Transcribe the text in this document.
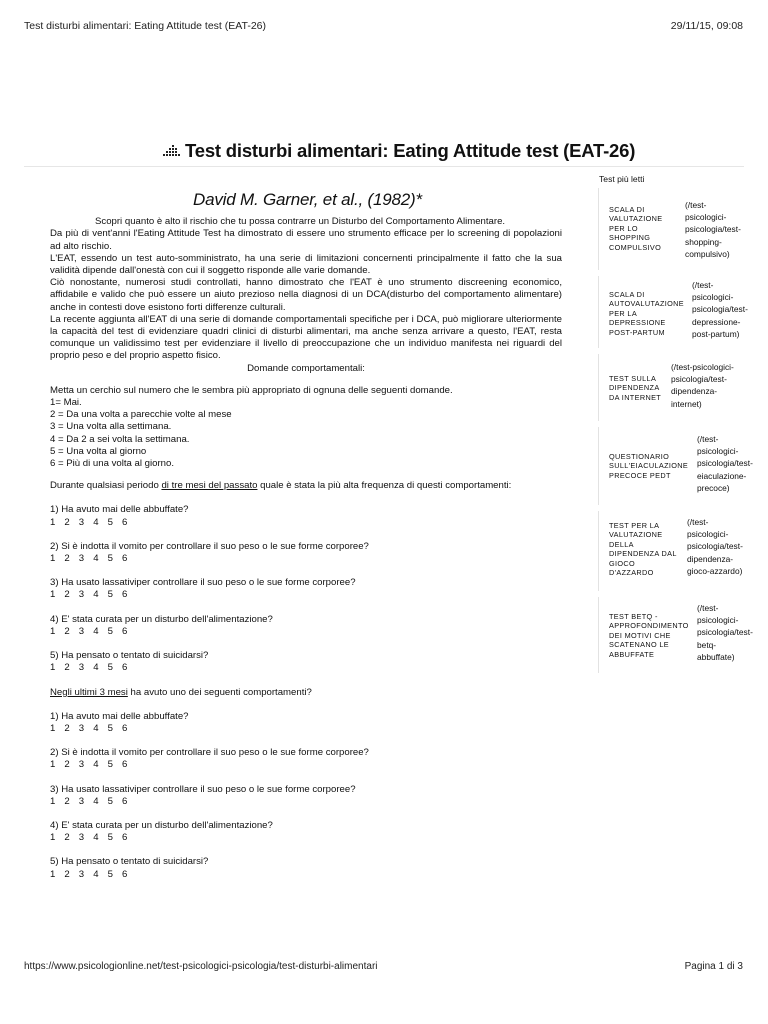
Test disturbi alimentari: Eating Attitude test (EAT-26)	29/11/15, 09:08
Test disturbi alimentari: Eating Attitude test (EAT-26)
David M. Garner, et al., (1982)*

Scopri quanto è alto il rischio che tu possa contrarre un Disturbo del Comportamento Alimentare.

Da più di vent'anni l'Eating Attitude Test ha dimostrato di essere uno strumento efficace per lo screening di popolazioni ad alto rischio.

L'EAT, essendo un test auto-somministrato, ha una serie di limitazioni concernenti principalmente il fatto che la sua validità dipende dall'onestà con cui il soggetto risponde alle varie domande.

Ciò nonostante, numerosi studi controllati, hanno dimostrato che l'EAT è uno strumento discreening economico, affidabile e valido che può essere un aiuto prezioso nella diagnosi di un DCA(disturbo del comportamento alimentare) anche in contesti dove esistono forti differenze culturali.

La recente aggiunta all'EAT di una serie di domande comportamentali specifiche per i DCA, può migliorare ulteriormente la capacità del test di evidenziare quadri clinici di disturbi alimentari, ma anche senza arrivare a questo, l'EAT, resta comunque un validissimo test per evidenziare il livello di preoccupazione che un individuo manifesta nei riguardi del proprio peso e del proprio aspetto fisico.

Domande comportamentali:

Metta un cerchio sul numero che le sembra più appropriato di ognuna delle seguenti domande.

1= Mai.

2 = Da una volta a parecchie volte al mese

3 = Una volta alla settimana.

4 = Da 2 a sei volta la settimana.

5 = Una volta al giorno

6 = Più di una volta al giorno.

Durante qualsiasi periodo di tre mesi del passato quale è stata la più alta frequenza di questi comportamenti:

1) Ha avuto mai delle abbuffate?

1 2 3 4 5 6

2) Si è indotta il vomito per controllare il suo peso o le sue forme corporee?

1 2 3 4 5 6

3) Ha usato lassativiper controllare il suo peso o le sue forme corporee?

1 2 3 4 5 6

4) E' stata curata per un disturbo dell'alimentazione?

1 2 3 4 5 6

5) Ha pensato o tentato di suicidarsi?

1 2 3 4 5 6

Negli ultimi 3 mesi ha avuto uno dei seguenti comportamenti?

1) Ha avuto mai delle abbuffate?

1 2 3 4 5 6

2) Si è indotta il vomito per controllare il suo peso o le sue forme corporee?

1 2 3 4 5 6

3) Ha usato lassativiper controllare il suo peso o le sue forme corporee?

1 2 3 4 5 6

4) E' stata curata per un disturbo dell'alimentazione?

1 2 3 4 5 6

5) Ha pensato o tentato di suicidarsi?

1 2 3 4 5 6

Test più letti
SCALA DI
VALUTAZIONE
PER LO
SHOPPING
COMPULSIVO
(/test-
psicologici-
psicologia/test-
shopping-
compulsivo)
SCALA DI
AUTOVALUTAZIONE
PER LA
DEPRESSIONE
POST-PARTUM
(/test-
psicologici-
psicologia/test-
depressione-
post-partum)
TEST SULLA
DIPENDENZA
DA INTERNET
(/test-psicologici-
psicologia/test-
dipendenza-
internet)
QUESTIONARIO
SULL'EIACULAZIONE
PRECOCE PEDT
(/test-
psicologici-
psicologia/test-
eiaculazione-
precoce)
TEST PER LA
VALUTAZIONE
DELLA
DIPENDENZA DAL
GIOCO
D'AZZARDO
(/test-
psicologici-
psicologia/test-
dipendenza-
gioco-azzardo)
TEST BETQ -
APPROFONDIMENTO
DEI MOTIVI CHE
SCATENANO LE
ABBUFFATE
(/test-
psicologici-
psicologia/test-
betq-
abbuffate)
https://www.psicologionline.net/test-psicologici-psicologia/test-disturbi-alimentari	Pagina 1 di 3
